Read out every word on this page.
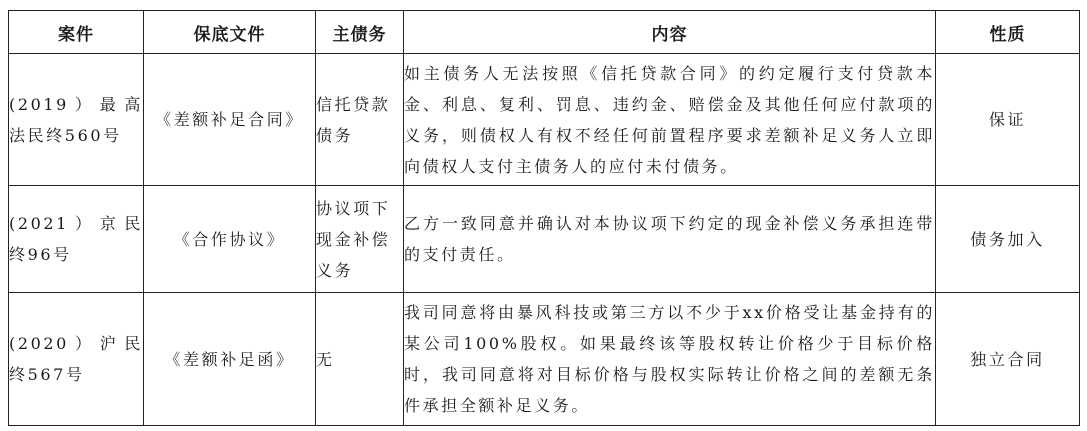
案件	保底文件	主债务	内容	性质
(2019）最高法民终560号	《差额补足合同》	信托贷款债务	如主债务人无法按照《信托贷款合同》的约定履行支付贷款本金、利息、复利、罚息、违约金、赔偿金及其他任何应付款项的义务，则债权人有权不经任何前置程序要求差额补足义务人立即向债权人支付主债务人的应付未付债务。	保证
(2021）京民终96号	《合作协议》	协议项下现金补偿义务	乙方一致同意并确认对本协议项下约定的现金补偿义务承担连带的支付责任。	债务加入
(2020）沪民终567号	《差额补足函》	无	我司同意将由暴风科技或第三方以不少于xx价格受让基金持有的某公司100%股权。如果最终该等股权转让价格少于目标价格时，我司同意将对目标价格与股权实际转让价格之间的差额无条件承担全额补足义务。	独立合同
